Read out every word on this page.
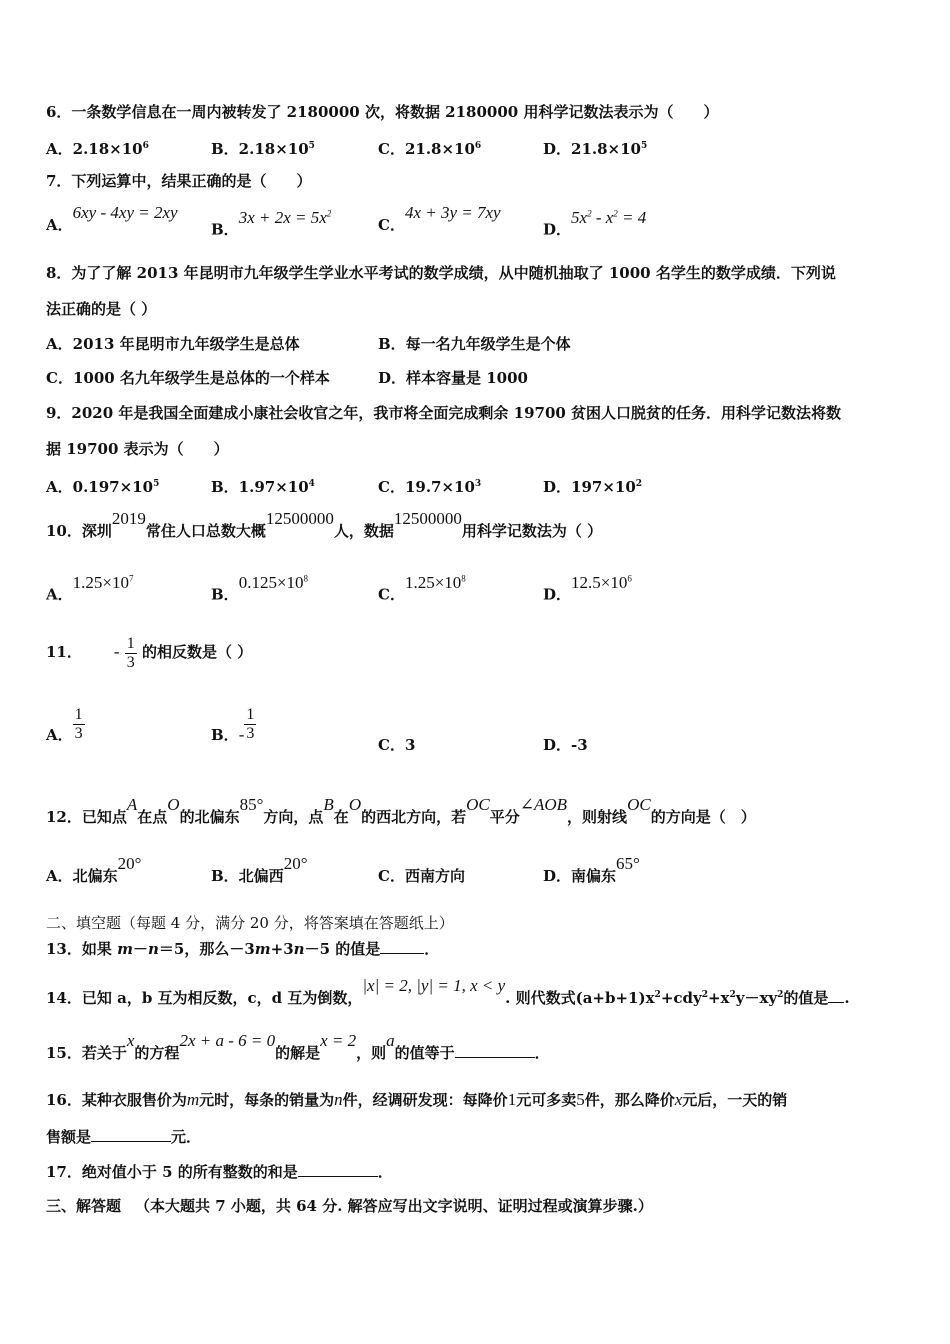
6．一条数学信息在一周内被转发了 2180000 次，将数据 2180000 用科学记数法表示为（　　）
A．$2.18\times 10^6$	B．$2.18\times 10^5$	C．$21.8\times 10^6$	D．$21.8\times 10^5$
7．下列运算中，结果正确的是（　　）
A．6xy - 4xy = 2xy
B．$3x + 2x = 5x^2$
C．4x + 3y = 7xy
D．$5x^2 - x^2 = 4$
8．为了了解 2013 年昆明市九年级学生学业水平考试的数学成绩，从中随机抽取了 1000 名学生的数学成绩．下列说
法正确的是（ ）
A．2013 年昆明市九年级学生是总体	B．每一名九年级学生是个体
C．1000 名九年级学生是总体的一个样本	D．样本容量是 1000
9．2020 年是我国全面建成小康社会收官之年，我市将全面完成剩余 19700 贫困人口脱贫的任务．用科学记数法将数
据 19700 表示为（　　）
A．$0.197\times 10^5$	B．$1.97\times 10^4$	C．$19.7\times 10^3$	D．$197\times 10^2$
10．深圳2019常住人口总数大概12500000人，数据12500000用科学记数法为（ ）
A．$1.25\times 10^7$
B．$0.125\times 10^8$
C．$1.25\times 10^8$
D．$12.5\times 10^6$
11． - $\frac{1}{3}$ 的相反数是（ ）
A． $\frac{1}{3}$	B．- $\frac{1}{3}$
C．3	D．-3
12．已知点A在点O的北偏东85°方向，点B在O的西北方向，若OC平分∠AOB，则射线OC的方向是（　）
A．北偏东20°
B．北偏西20°
C．西南方向	D．南偏东65°
二、填空题（每题 4 分，满分 20 分，将答案填在答题纸上）
13．如果 m－n＝5，那么－3m+3n－5 的值是	．
14．已知 a，b 互为相反数，c，d 互为倒数，|x| = 2, |y| = 1, x < y. 则代数式$(a+b+1)x^2+cdy^2+x^2y-xy^2$的值是 .
15．若关于x的方程2x + a - 6 = 0的解是x = 2，则a的值等于	．
16．某种衣服售价为m元时，每条的销量为n件，经调研发现：每降价1元可多卖5件，那么降价x元后，一天的销
售额是	元．
17．绝对值小于 5 的所有整数的和是	．
三、解答题 （本大题共 7 小题，共 64 分. 解答应写出文字说明、证明过程或演算步骤.）
